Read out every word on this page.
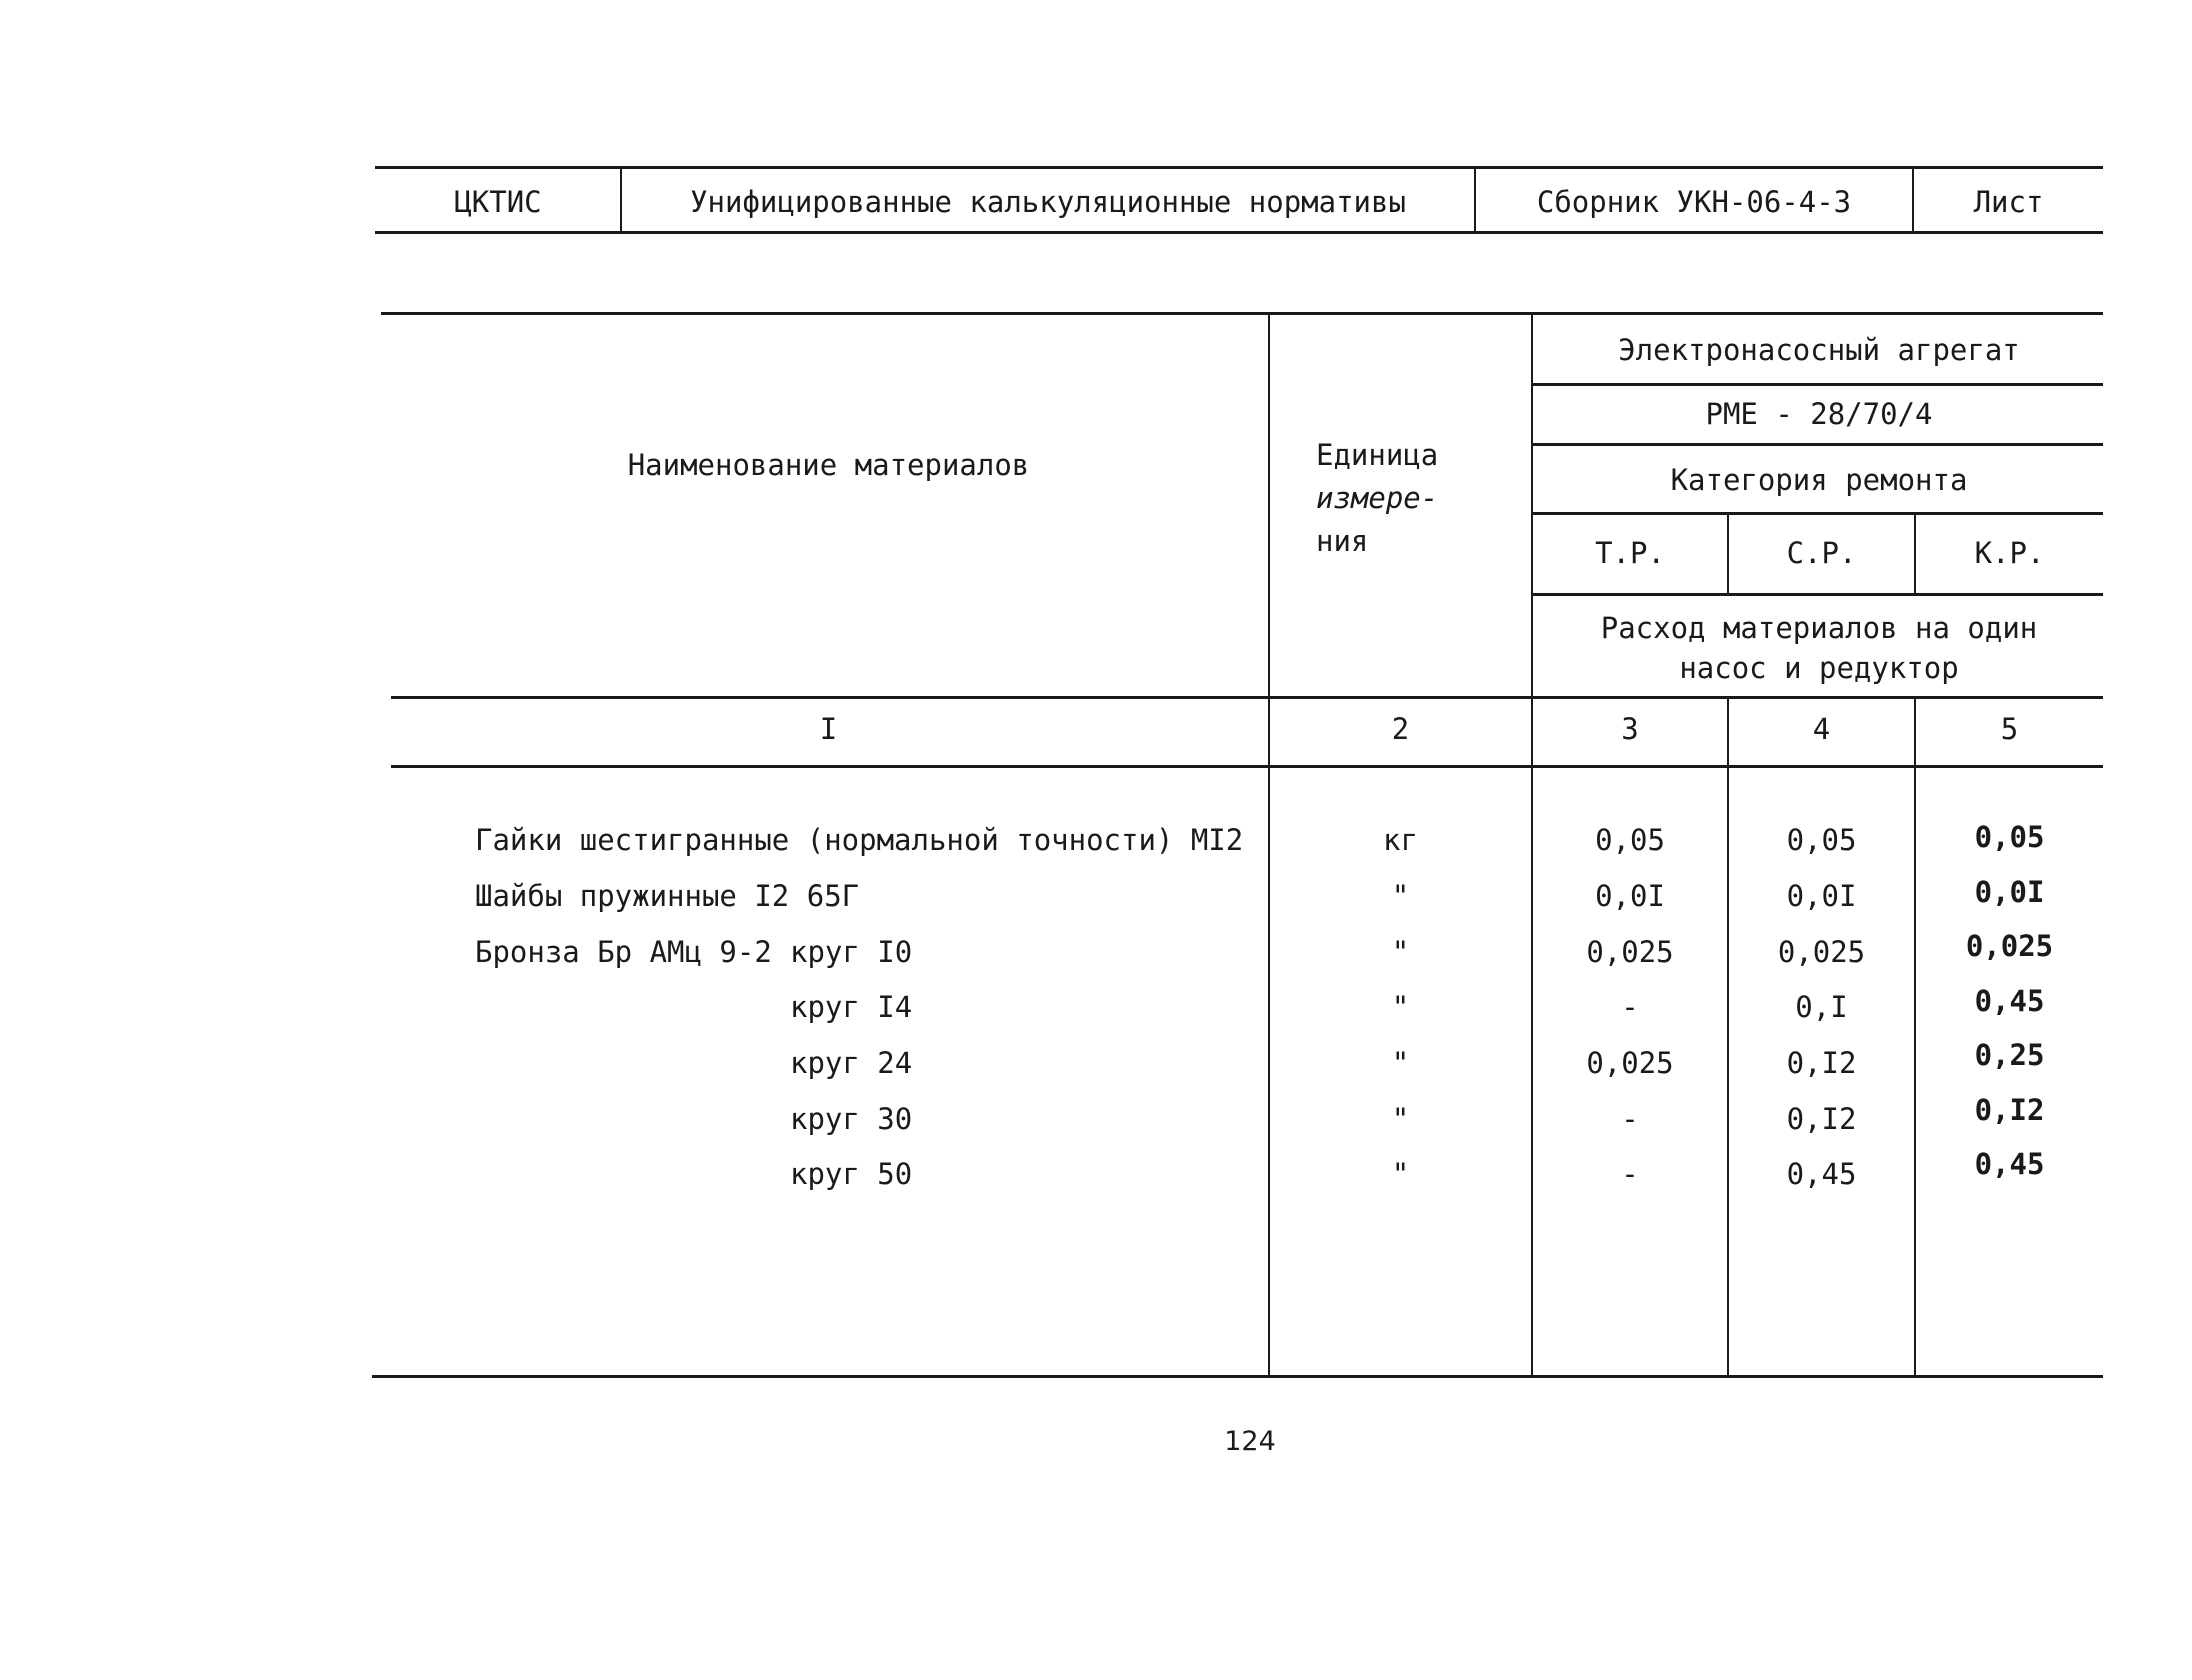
ЦКТИС	Унифицированные калькуляционные нормативы	Сборник УКН-06-4-3	Лист
Наименование материалов	Единица
измере-
ния
Электронасосный агрегат
РМЕ - 28/70/4
Категория ремонта
Т.Р.	С.Р.	К.Р.
Расход материалов на один
насос и редуктор
I	2	3	4	5
Гайки шестигранные (нормальной точности) МI2	кг	0,05	0,05	0,05
Шайбы пружинные I2 65Г	"	0,0I	0,0I	0,0I
Бронза Бр АМц 9-2 круг I0	"	0,025	0,025	0,025
круг I4	"	-	0,I	0,45
круг 24	"	0,025	0,I2	0,25
круг 30	"	-	0,I2	0,I2
круг 50	"	-	0,45	0,45
124
